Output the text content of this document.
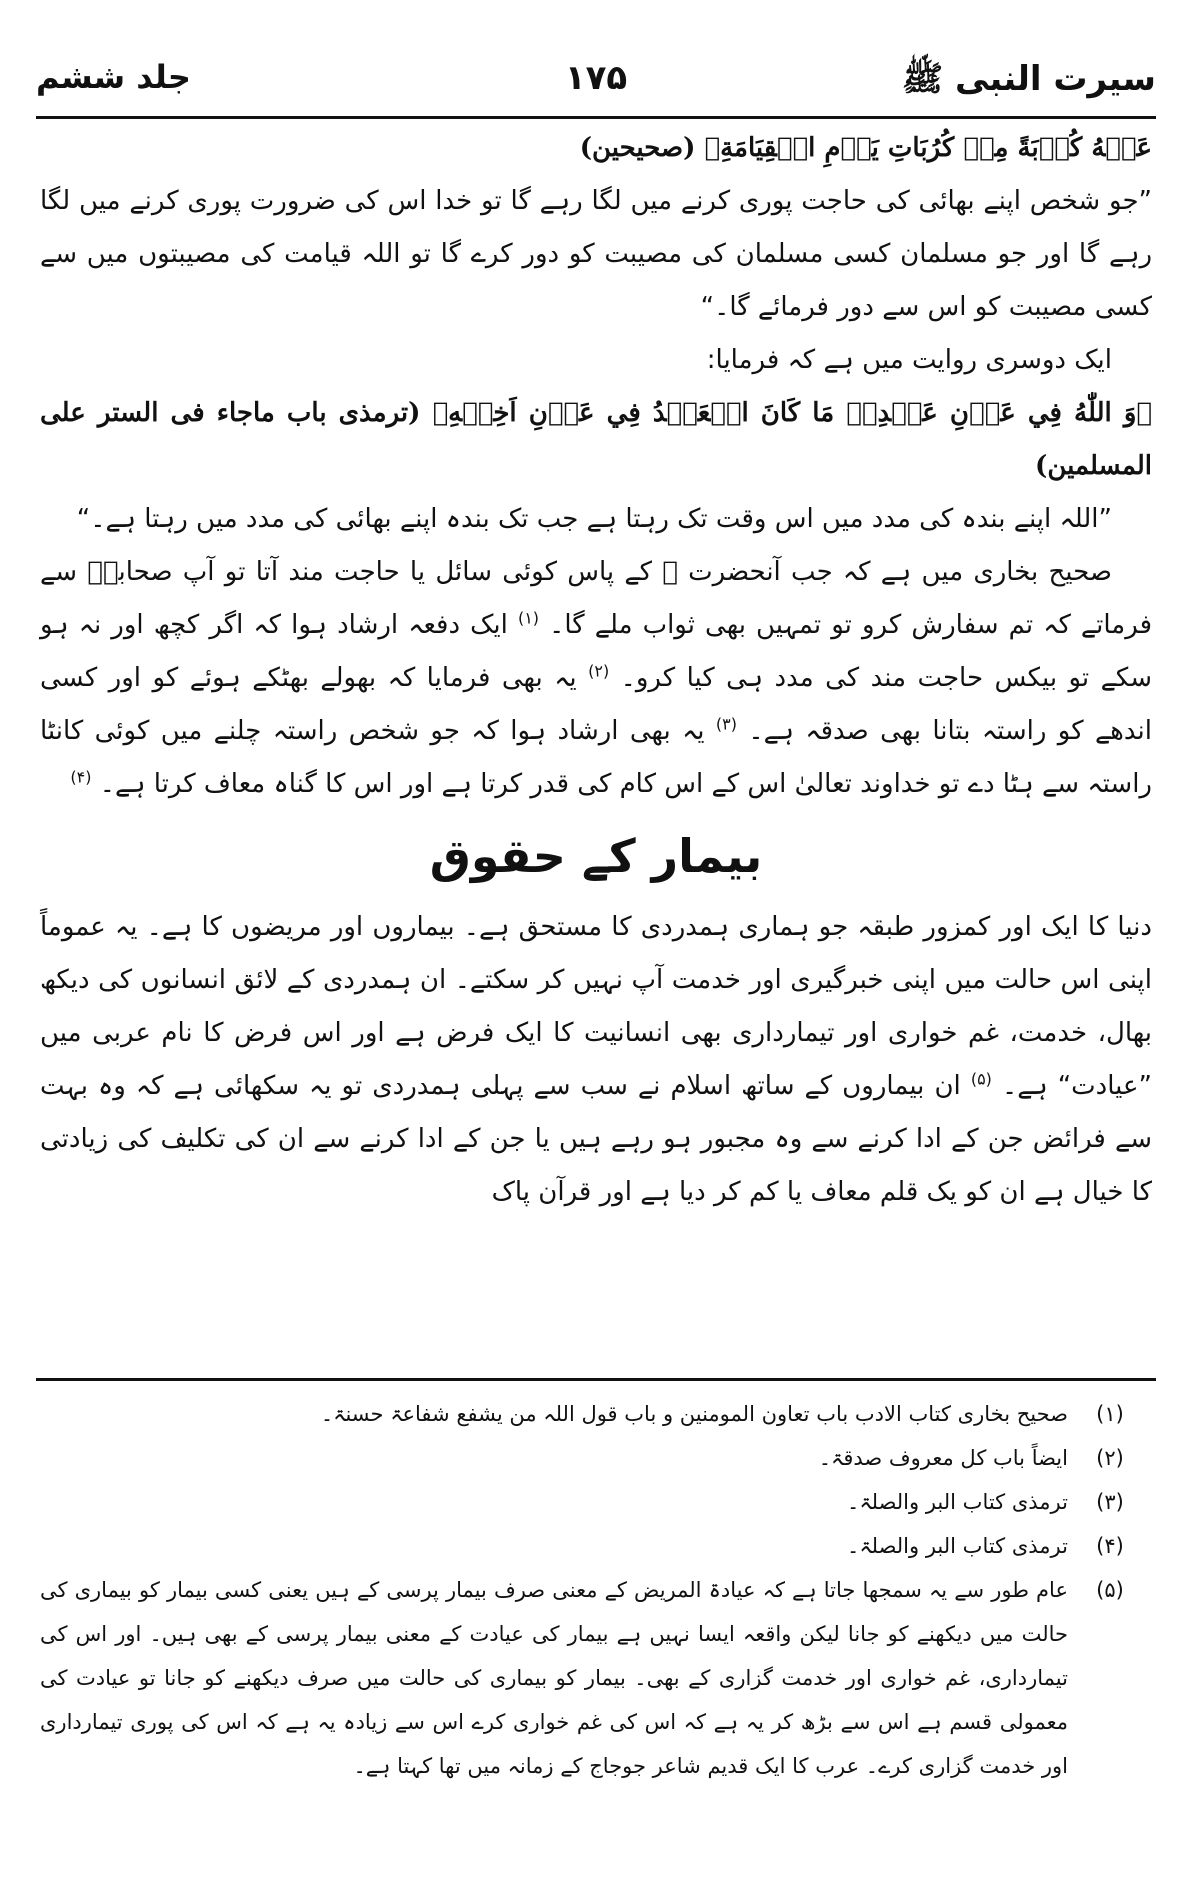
سیرت النبی ﷺ
۱۷۵
جلد ششم

عَنۡهُ كُرۡبَةً مِنۡ كُرُبَاتِ يَوۡمِ الۡقِيَامَةِ﴾ (صحیحین)

”جو شخص اپنے بھائی کی حاجت پوری کرنے میں لگا رہے گا تو خدا اس کی ضرورت پوری کرنے میں لگا رہے گا اور جو مسلمان کسی مسلمان کی مصیبت کو دور کرے گا تو اللہ قیامت کی مصیبتوں میں سے کسی مصیبت کو اس سے دور فرمائے گا۔“

ایک دوسری روایت میں ہے کہ فرمایا:

﴿وَ اللّٰهُ فِي عَوۡنِ عَبۡدِهٖ مَا كَانَ الۡعَبۡدُ فِي عَوۡنِ اَخِيۡهِ﴾ (ترمذی باب ماجاء فی الستر علی المسلمین)

”اللہ اپنے بندہ کی مدد میں اس وقت تک رہتا ہے جب تک بندہ اپنے بھائی کی مدد میں رہتا ہے۔“

صحیح بخاری میں ہے کہ جب آنحضرت ﷺ کے پاس کوئی سائل یا حاجت مند آتا تو آپ صحابہؓ سے فرماتے کہ تم سفارش کرو تو تمہیں بھی ثواب ملے گا۔ $^{(۱)}$ ایک دفعہ ارشاد ہوا کہ اگر کچھ اور نہ ہو سکے تو بیکس حاجت مند کی مدد ہی کیا کرو۔ $^{(۲)}$ یہ بھی فرمایا کہ بھولے بھٹکے ہوئے کو اور کسی اندھے کو راستہ بتانا بھی صدقہ ہے۔ $^{(۳)}$ یہ بھی ارشاد ہوا کہ جو شخص راستہ چلنے میں کوئی کانٹا راستہ سے ہٹا دے تو خداوند تعالیٰ اس کے اس کام کی قدر کرتا ہے اور اس کا گناہ معاف کرتا ہے۔ $^{(۴)}$

بیمار کے حقوق

دنیا کا ایک اور کمزور طبقہ جو ہماری ہمدردی کا مستحق ہے۔ بیماروں اور مریضوں کا ہے۔ یہ عموماً اپنی اس حالت میں اپنی خبرگیری اور خدمت آپ نہیں کر سکتے۔ ان ہمدردی کے لائق انسانوں کی دیکھ بھال، خدمت، غم خواری اور تیمارداری بھی انسانیت کا ایک فرض ہے اور اس فرض کا نام عربی میں ”عیادت“ ہے۔ $^{(۵)}$ ان بیماروں کے ساتھ اسلام نے سب سے پہلی ہمدردی تو یہ سکھائی ہے کہ وہ بہت سے فرائض جن کے ادا کرنے سے وہ مجبور ہو رہے ہیں یا جن کے ادا کرنے سے ان کی تکلیف کی زیادتی کا خیال ہے ان کو یک قلم معاف یا کم کر دیا ہے اور قرآن پاک

(۱)
صحیح بخاری کتاب الادب باب تعاون المومنین و باب قول اللہ من یشفع شفاعۃ حسنۃ۔
(۲)
ایضاً باب کل معروف صدقۃ۔
(۳)
ترمذی کتاب البر والصلۃ۔
(۴)
ترمذی کتاب البر والصلۃ۔
(۵)
عام طور سے یہ سمجھا جاتا ہے کہ عیادۃ المریض کے معنی صرف بیمار پرسی کے ہیں یعنی کسی بیمار کو بیماری کی حالت میں دیکھنے کو جانا لیکن واقعہ ایسا نہیں ہے بیمار کی عیادت کے معنی بیمار پرسی کے بھی ہیں۔ اور اس کی تیمارداری، غم خواری اور خدمت گزاری کے بھی۔ بیمار کو بیماری کی حالت میں صرف دیکھنے کو جانا تو عیادت کی معمولی قسم ہے اس سے بڑھ کر یہ ہے کہ اس کی غم خواری کرے اس سے زیادہ یہ ہے کہ اس کی پوری تیمارداری اور خدمت گزاری کرے۔ عرب کا ایک قدیم شاعر جوجاج کے زمانہ میں تھا کہتا ہے۔
